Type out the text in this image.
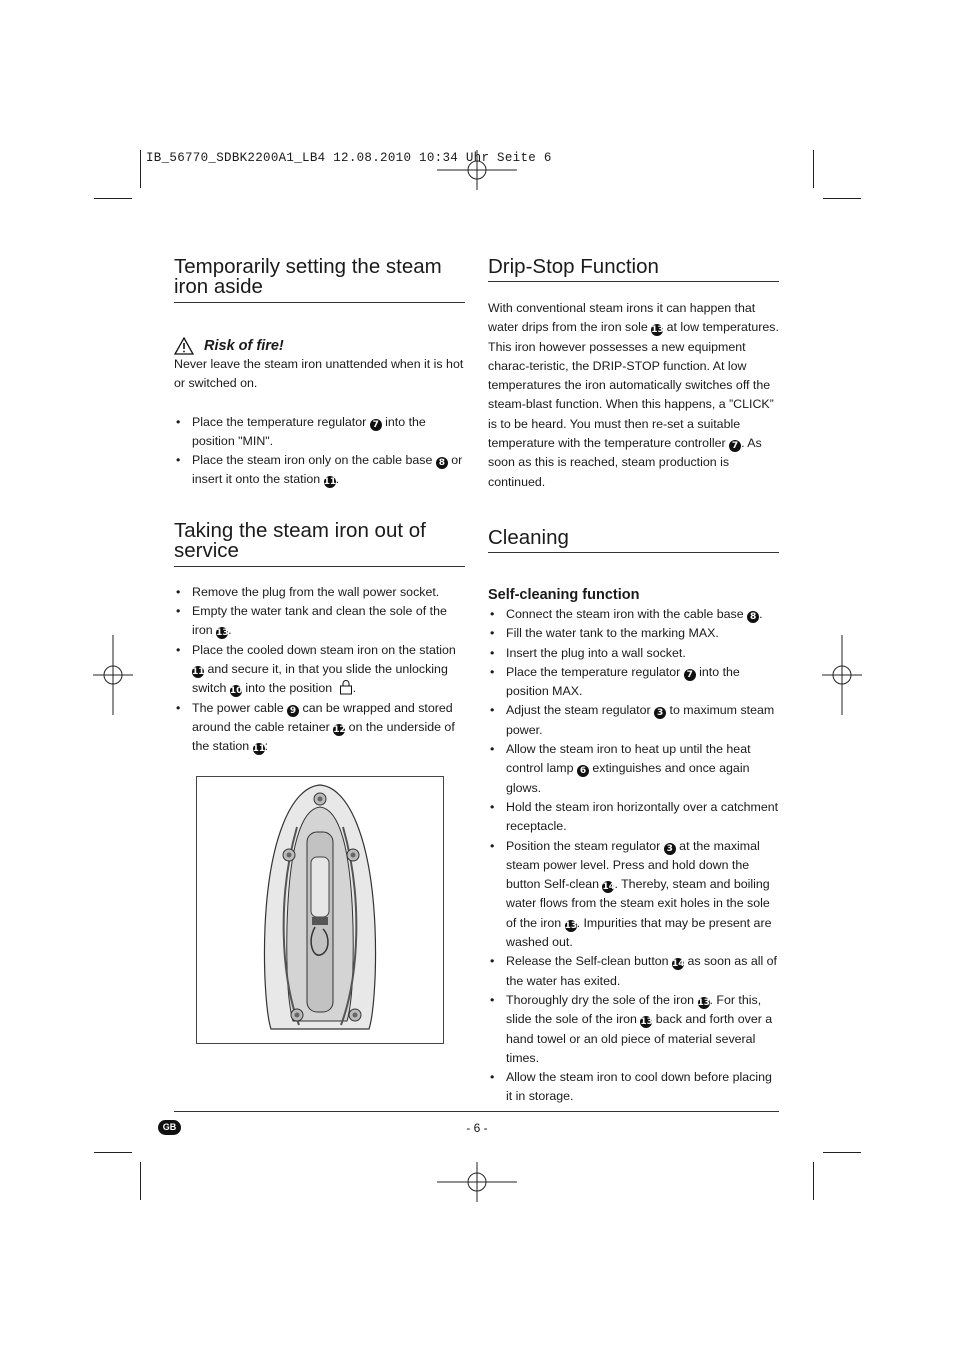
IB_56770_SDBK2200A1_LB4 12.08.2010 10:34 Uhr Seite 6
Temporarily setting the steam iron aside
Risk of fire!

Never leave the steam iron unattended when it is hot or switched on.

• Place the temperature regulator 7 into the position "MIN".
• Place the steam iron only on the cable base 8 or insert it onto the station 11.
Taking the steam iron out of service
• Remove the plug from the wall power socket.
• Empty the water tank and clean the sole of the iron 13.
• Place the cooled down steam iron on the station 11 and secure it, in that you slide the unlocking switch 10 into the position .
• The power cable 9 can be wrapped and stored around the cable retainer 12 on the underside of the station 11:
Drip-Stop Function

With conventional steam irons it can happen that water drips from the iron sole 13 at low temperatures. This iron however possesses a new equipment charac-teristic, the DRIP-STOP function. At low temperatures the iron automatically switches off the steam-blast function. When this happens, a ”CLICK” is to be heard. You must then re-set a suitable temperature with the temperature controller 7 . As soon as this is reached, steam production is continued.

Cleaning

Self-cleaning function

• Connect the steam iron with the cable base 8 .
• Fill the water tank to the marking MAX.
• Insert the plug into a wall socket.
• Place the temperature regulator 7 into the position MAX.
• Adjust the steam regulator 3 to maximum steam power.
• Allow the steam iron to heat up until the heat control lamp 6 extinguishes and once again glows.
• Hold the steam iron horizontally over a catchment receptacle.
• Position the steam regulator 3 at the maximal steam power level. Press and hold down the button Self-clean 14. Thereby, steam and boiling water flows from the steam exit holes in the sole of the iron 13. Impurities that may be present are washed out.
• Release the Self-clean button 14 as soon as all of the water has exited.
• Thoroughly dry the sole of the iron 13. For this, slide the sole of the iron 13 back and forth over a hand towel or an old piece of material several times.
• Allow the steam iron to cool down before placing it in storage.
GB	- 6 -
